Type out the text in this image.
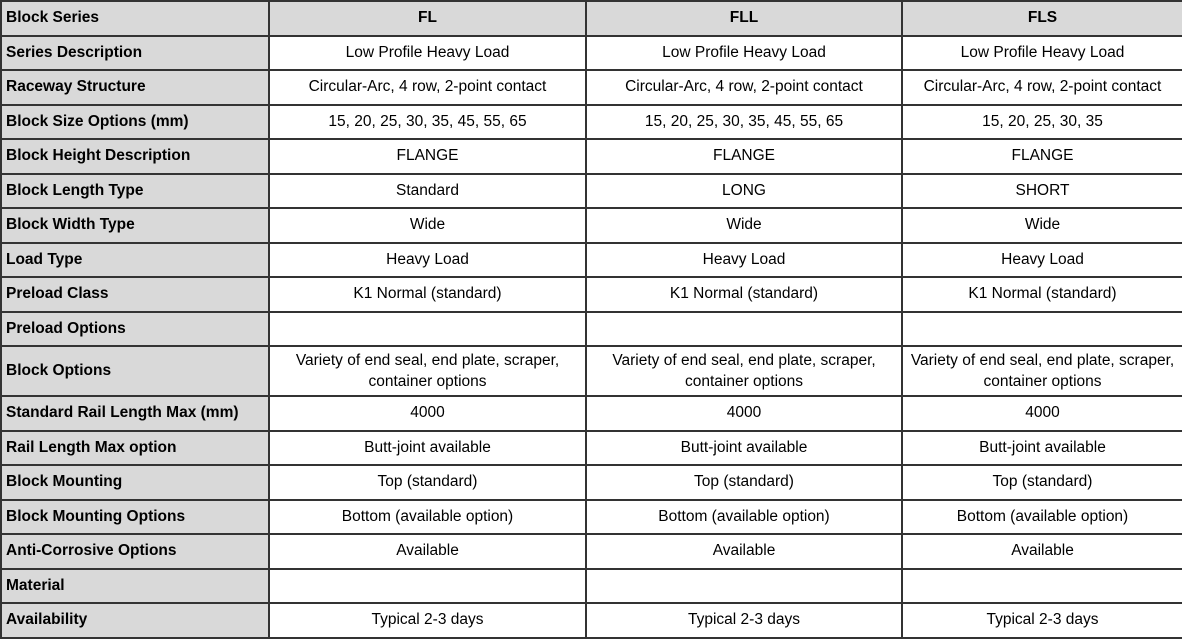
Block Series	FL	FLL	FLS
Series Description	Low Profile Heavy Load	Low Profile Heavy Load	Low Profile Heavy Load
Raceway Structure	Circular-Arc, 4 row, 2-point contact	Circular-Arc, 4 row, 2-point contact	Circular-Arc, 4 row, 2-point contact
Block Size Options (mm)	15, 20, 25, 30, 35, 45, 55, 65	15, 20, 25, 30, 35, 45, 55, 65	15, 20, 25, 30, 35
Block Height Description	FLANGE	FLANGE	FLANGE
Block Length Type	Standard	LONG	SHORT
Block Width Type	Wide	Wide	Wide
Load Type	Heavy Load	Heavy Load	Heavy Load
Preload Class	K1 Normal (standard)	K1 Normal (standard)	K1 Normal (standard)
Preload Options			
Block Options	Variety of end seal, end plate, scraper, container options	Variety of end seal, end plate, scraper, container options	Variety of end seal, end plate, scraper, container options
Standard Rail Length Max (mm)	4000	4000	4000
Rail Length Max option	Butt-joint available	Butt-joint available	Butt-joint available
Block Mounting	Top (standard)	Top (standard)	Top (standard)
Block Mounting Options	Bottom (available option)	Bottom (available option)	Bottom (available option)
Anti-Corrosive Options	Available	Available	Available
Material			
Availability	Typical 2-3 days	Typical 2-3 days	Typical 2-3 days
